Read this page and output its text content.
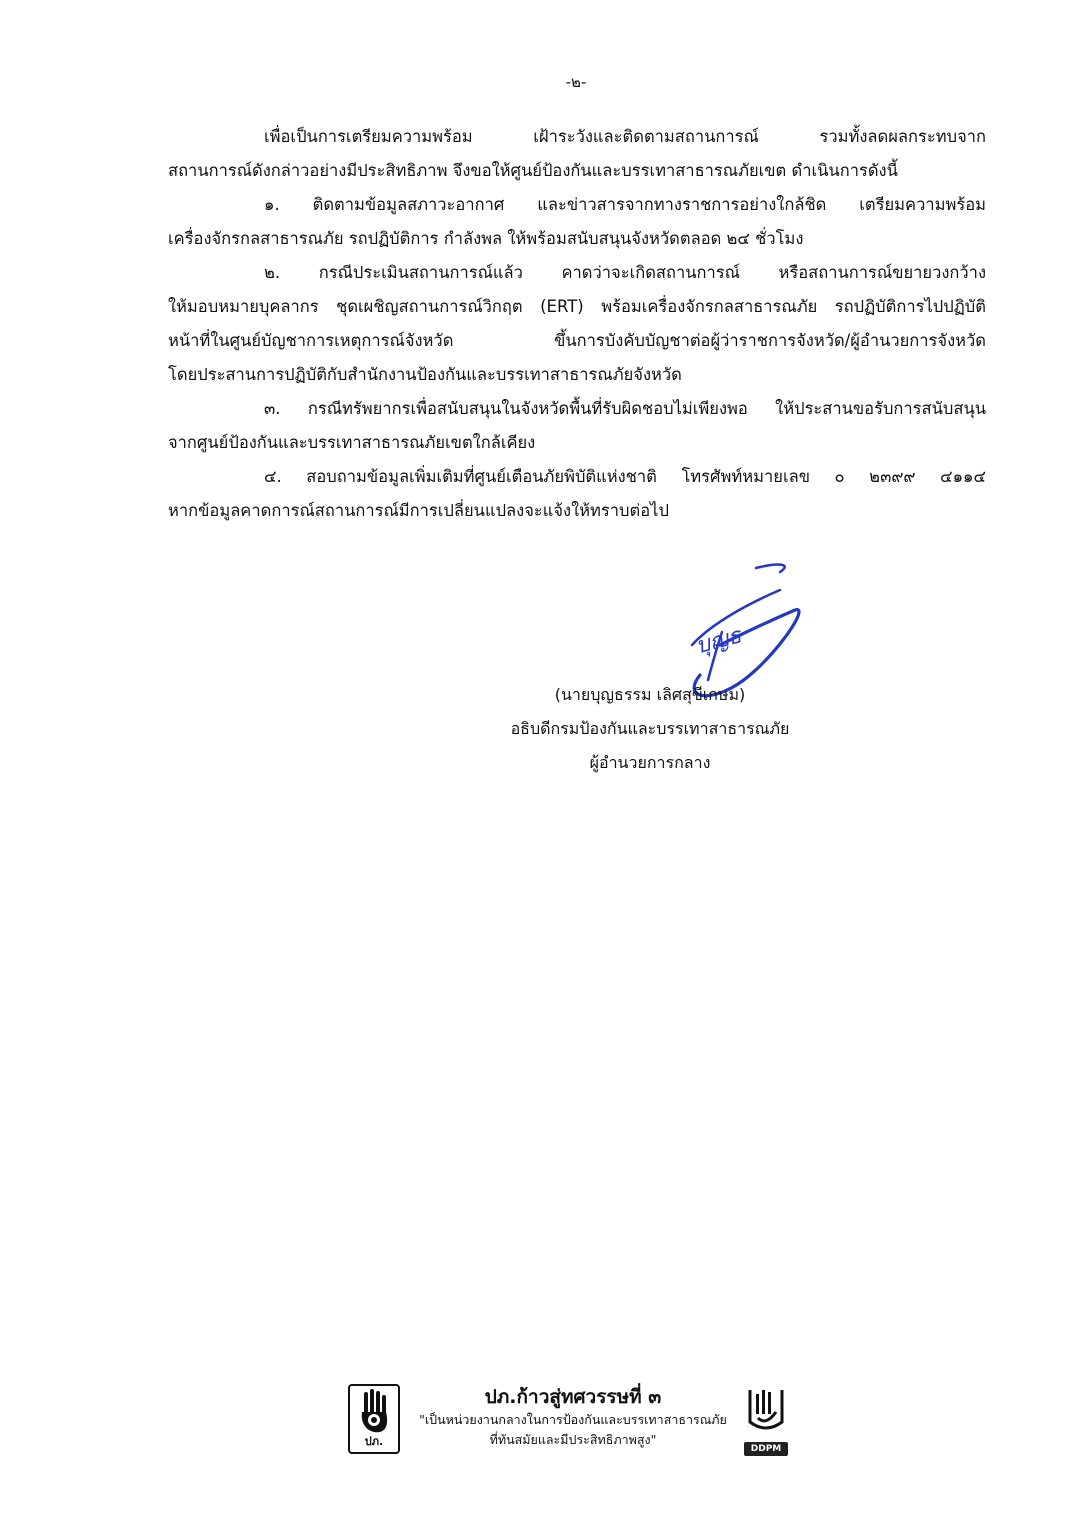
-๒-
เพื่อเป็นการเตรียมความพร้อม เฝ้าระวังและติดตามสถานการณ์ รวมทั้งลดผลกระทบจาก
สถานการณ์ดังกล่าวอย่างมีประสิทธิภาพ จึงขอให้ศูนย์ป้องกันและบรรเทาสาธารณภัยเขต ดำเนินการดังนี้
๑. ติดตามข้อมูลสภาวะอากาศ และข่าวสารจากทางราชการอย่างใกล้ชิด เตรียมความพร้อม
เครื่องจักรกลสาธารณภัย รถปฏิบัติการ กำลังพล ให้พร้อมสนับสนุนจังหวัดตลอด ๒๔ ชั่วโมง
๒. กรณีประเมินสถานการณ์แล้ว คาดว่าจะเกิดสถานการณ์ หรือสถานการณ์ขยายวงกว้าง
ให้มอบหมายบุคลากร ชุดเผชิญสถานการณ์วิกฤต (ERT) พร้อมเครื่องจักรกลสาธารณภัย รถปฏิบัติการไปปฏิบัติ
หน้าที่ในศูนย์บัญชาการเหตุการณ์จังหวัด ขึ้นการบังคับบัญชาต่อผู้ว่าราชการจังหวัด/ผู้อำนวยการจังหวัด
โดยประสานการปฏิบัติกับสำนักงานป้องกันและบรรเทาสาธารณภัยจังหวัด
๓. กรณีทรัพยากรเพื่อสนับสนุนในจังหวัดพื้นที่รับผิดชอบไม่เพียงพอ ให้ประสานขอรับการสนับสนุน
จากศูนย์ป้องกันและบรรเทาสาธารณภัยเขตใกล้เคียง
๔. สอบถามข้อมูลเพิ่มเติมที่ศูนย์เตือนภัยพิบัติแห่งชาติ โทรศัพท์หมายเลข ๐ ๒๓๙๙ ๔๑๑๔
หากข้อมูลคาดการณ์สถานการณ์มีการเปลี่ยนแปลงจะแจ้งให้ทราบต่อไป
บุญธ
(นายบุญธรรม เลิศสุขีเกษม)
อธิบดีกรมป้องกันและบรรเทาสาธารณภัย
ผู้อำนวยการกลาง
ปภ.
ปภ.ก้าวสู่ทศวรรษที่ ๓
"เป็นหน่วยงานกลางในการป้องกันและบรรเทาสาธารณภัย
ที่ทันสมัยและมีประสิทธิภาพสูง"
DDPM
